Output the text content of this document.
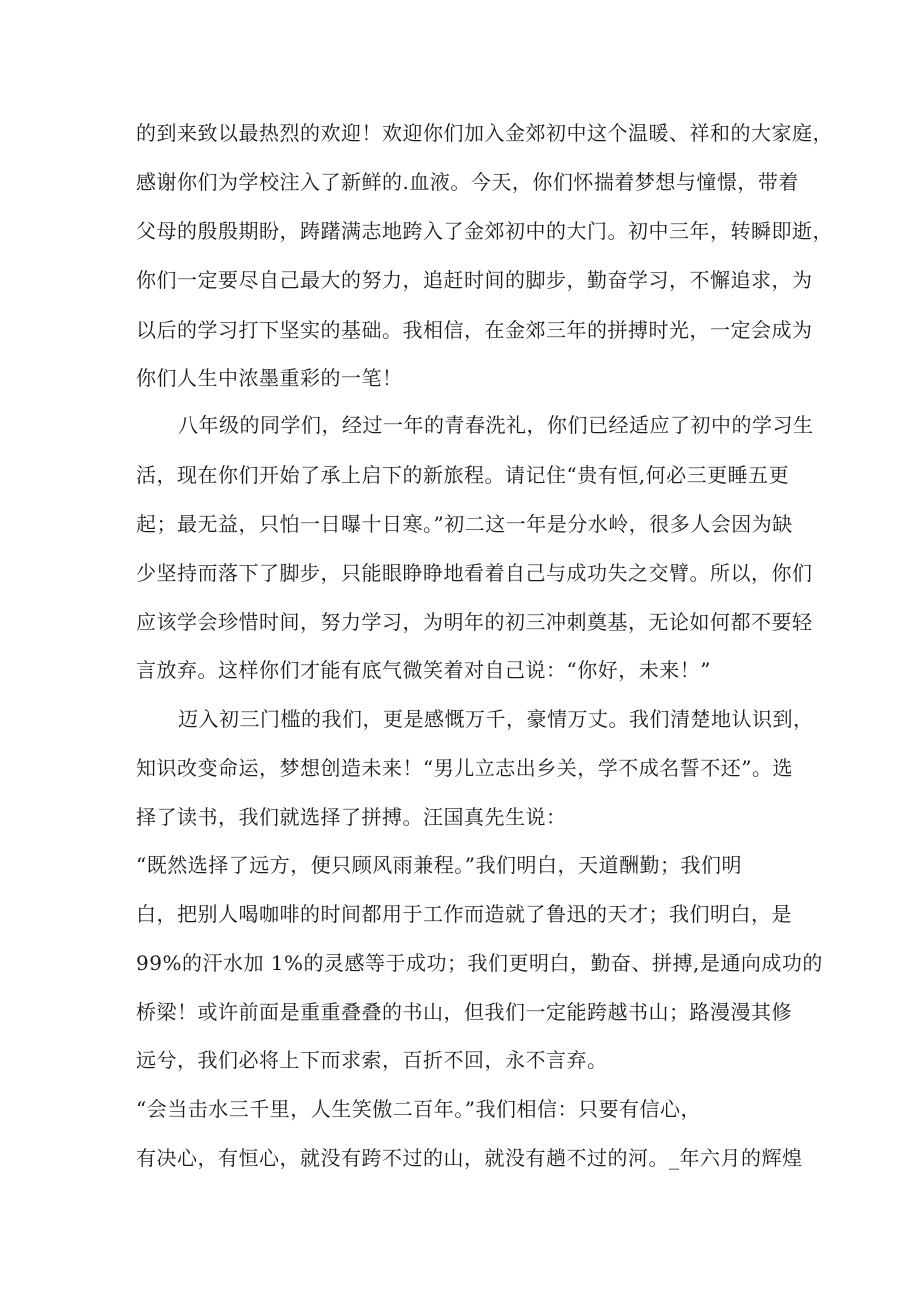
的到来致以最热烈的欢迎！欢迎你们加入金郊初中这个温暖、祥和的大家庭，
感谢你们为学校注入了新鲜的.血液。今天，你们怀揣着梦想与憧憬，带着
父母的殷殷期盼，踌躇满志地跨入了金郊初中的大门。初中三年，转瞬即逝，
你们一定要尽自己最大的努力，追赶时间的脚步，勤奋学习，不懈追求，为
以后的学习打下坚实的基础。我相信，在金郊三年的拼搏时光，一定会成为
你们人生中浓墨重彩的一笔！
八年级的同学们，经过一年的青春洗礼，你们已经适应了初中的学习生
活，现在你们开始了承上启下的新旅程。请记住“贵有恒,何必三更睡五更
起；最无益，只怕一日曝十日寒。”初二这一年是分水岭，很多人会因为缺
少坚持而落下了脚步，只能眼睁睁地看着自己与成功失之交臂。所以，你们
应该学会珍惜时间，努力学习，为明年的初三冲刺奠基，无论如何都不要轻
言放弃。这样你们才能有底气微笑着对自己说：“你好，未来！”
迈入初三门槛的我们，更是感慨万千，豪情万丈。我们清楚地认识到，
知识改变命运，梦想创造未来！“男儿立志出乡关，学不成名誓不还”。选
择了读书，我们就选择了拼搏。汪国真先生说：
“既然选择了远方，便只顾风雨兼程。”我们明白，天道酬勤；我们明
白，把别人喝咖啡的时间都用于工作而造就了鲁迅的天才；我们明白，是
99%的汗水加 1%的灵感等于成功；我们更明白，勤奋、拼搏,是通向成功的
桥梁！或许前面是重重叠叠的书山，但我们一定能跨越书山；路漫漫其修
远兮，我们必将上下而求索，百折不回，永不言弃。
“会当击水三千里，人生笑傲二百年。”我们相信：只要有信心，
有决心，有恒心，就没有跨不过的山，就没有趟不过的河。_年六月的辉煌
